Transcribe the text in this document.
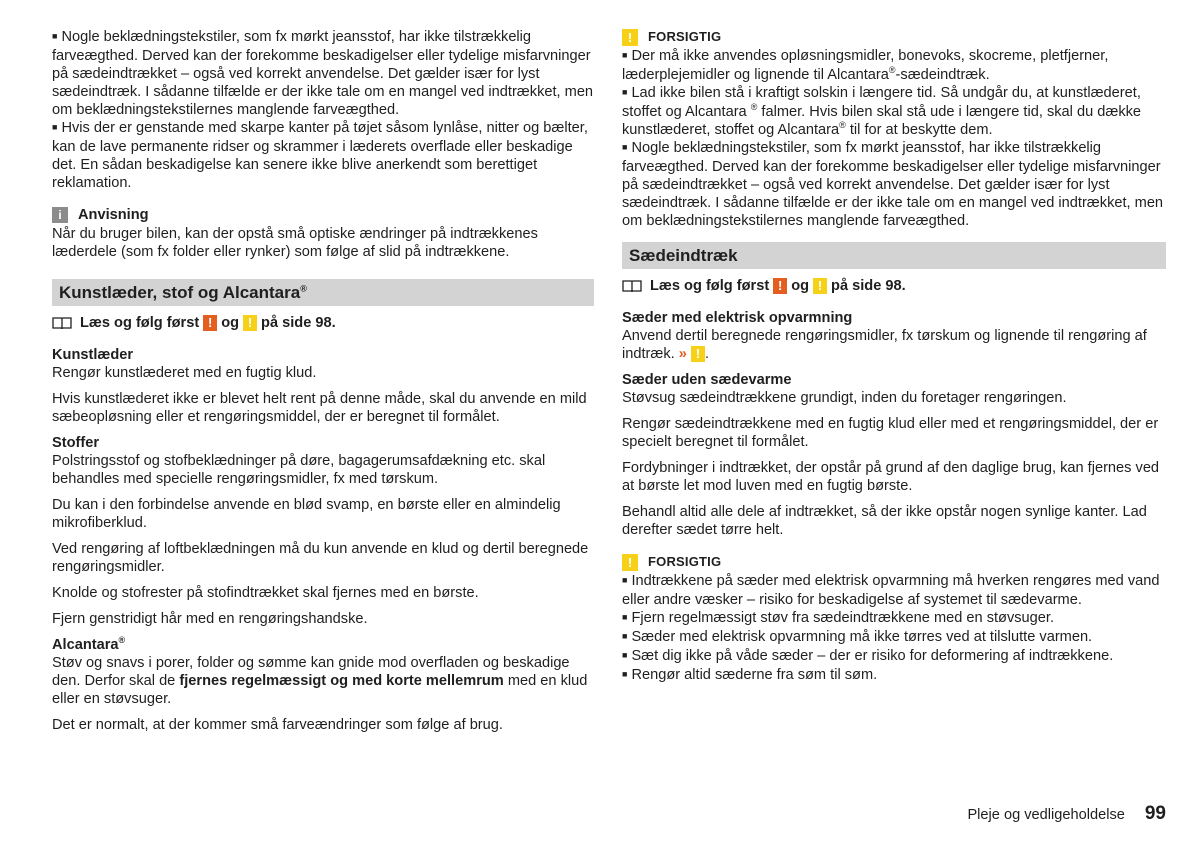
■ Nogle beklædningstekstiler, som fx mørkt jeansstof, har ikke tilstrækkelig farveægthed. Derved kan der forekomme beskadigelser eller tydelige misfarvninger på sædeindtrækket – også ved korrekt anvendelse. Det gælder især for lyst sædeindtræk. I sådanne tilfælde er der ikke tale om en mangel ved indtrækket, men om beklædningstekstilernes manglende farveægthed.

■ Hvis der er genstande med skarpe kanter på tøjet såsom lynlåse, nitter og bælter, kan de lave permanente ridser og skrammer i læderets overflade eller beskadige det. En sådan beskadigelse kan senere ikke blive anerkendt som berettiget reklamation.

i	Anvisning

Når du bruger bilen, kan der opstå små optiske ændringer på indtrækkenes læderdele (som fx folder eller rynker) som følge af slid på indtrækkene.

Kunstlæder, stof og Alcantara®
Læs og følg først ! og ! på side 98.
Kunstlæder

Rengør kunstlæderet med en fugtig klud.

Hvis kunstlæderet ikke er blevet helt rent på denne måde, skal du anvende en mild sæbeopløsning eller et rengøringsmiddel, der er beregnet til formålet.

Stoffer

Polstringsstof og stofbeklædninger på døre, bagagerumsafdækning etc. skal behandles med specielle rengøringsmidler, fx med tørskum.

Du kan i den forbindelse anvende en blød svamp, en børste eller en almindelig mikrofiberklud.

Ved rengøring af loftbeklædningen må du kun anvende en klud og dertil beregnede rengøringsmidler.

Knolde og stofrester på stofindtrækket skal fjernes med en børste.

Fjern genstridigt hår med en rengøringshandske.

Alcantara®

Støv og snavs i porer, folder og sømme kan gnide mod overfladen og beskadige den. Derfor skal de fjernes regelmæssigt og med korte mellemrum med en klud eller en støvsuger.

Det er normalt, at der kommer små farveændringer som følge af brug.

!	FORSIGTIG

■ Der må ikke anvendes opløsningsmidler, bonevoks, skocreme, pletfjerner, læderplejemidler og lignende til Alcantara®-sædeindtræk.

■ Lad ikke bilen stå i kraftigt solskin i længere tid. Så undgår du, at kunstlæderet, stoffet og Alcantara ® falmer. Hvis bilen skal stå ude i længere tid, skal du dække kunstlæderet, stoffet og Alcantara® til for at beskytte dem.

■ Nogle beklædningstekstiler, som fx mørkt jeansstof, har ikke tilstrækkelig farveægthed. Derved kan der forekomme beskadigelser eller tydelige misfarvninger på sædeindtrækket – også ved korrekt anvendelse. Det gælder især for lyst sædeindtræk. I sådanne tilfælde er der ikke tale om en mangel ved indtrækket, men om beklædningstekstilernes manglende farveægthed.

Sædeindtræk
Læs og følg først ! og ! på side 98.
Sæder med elektrisk opvarmning

Anvend dertil beregnede rengøringsmidler, fx tørskum og lignende til rengøring af indtræk. » ! .

Sæder uden sædevarme

Støvsug sædeindtrækkene grundigt, inden du foretager rengøringen.

Rengør sædeindtrækkene med en fugtig klud eller med et rengøringsmiddel, der er specielt beregnet til formålet.

Fordybninger i indtrækket, der opstår på grund af den daglige brug, kan fjernes ved at børste let mod luven med en fugtig børste.

Behandl altid alle dele af indtrækket, så der ikke opstår nogen synlige kanter. Lad derefter sædet tørre helt.

!	FORSIGTIG

■ Indtrækkene på sæder med elektrisk opvarmning må hverken rengøres med vand eller andre væsker – risiko for beskadigelse af systemet til sædevarme.

■ Fjern regelmæssigt støv fra sædeindtrækkene med en støvsuger.

■ Sæder med elektrisk opvarmning må ikke tørres ved at tilslutte varmen.

■ Sæt dig ikke på våde sæder – der er risiko for deformering af indtrækkene.

■ Rengør altid sæderne fra søm til søm.

Pleje og vedligeholdelse 99
